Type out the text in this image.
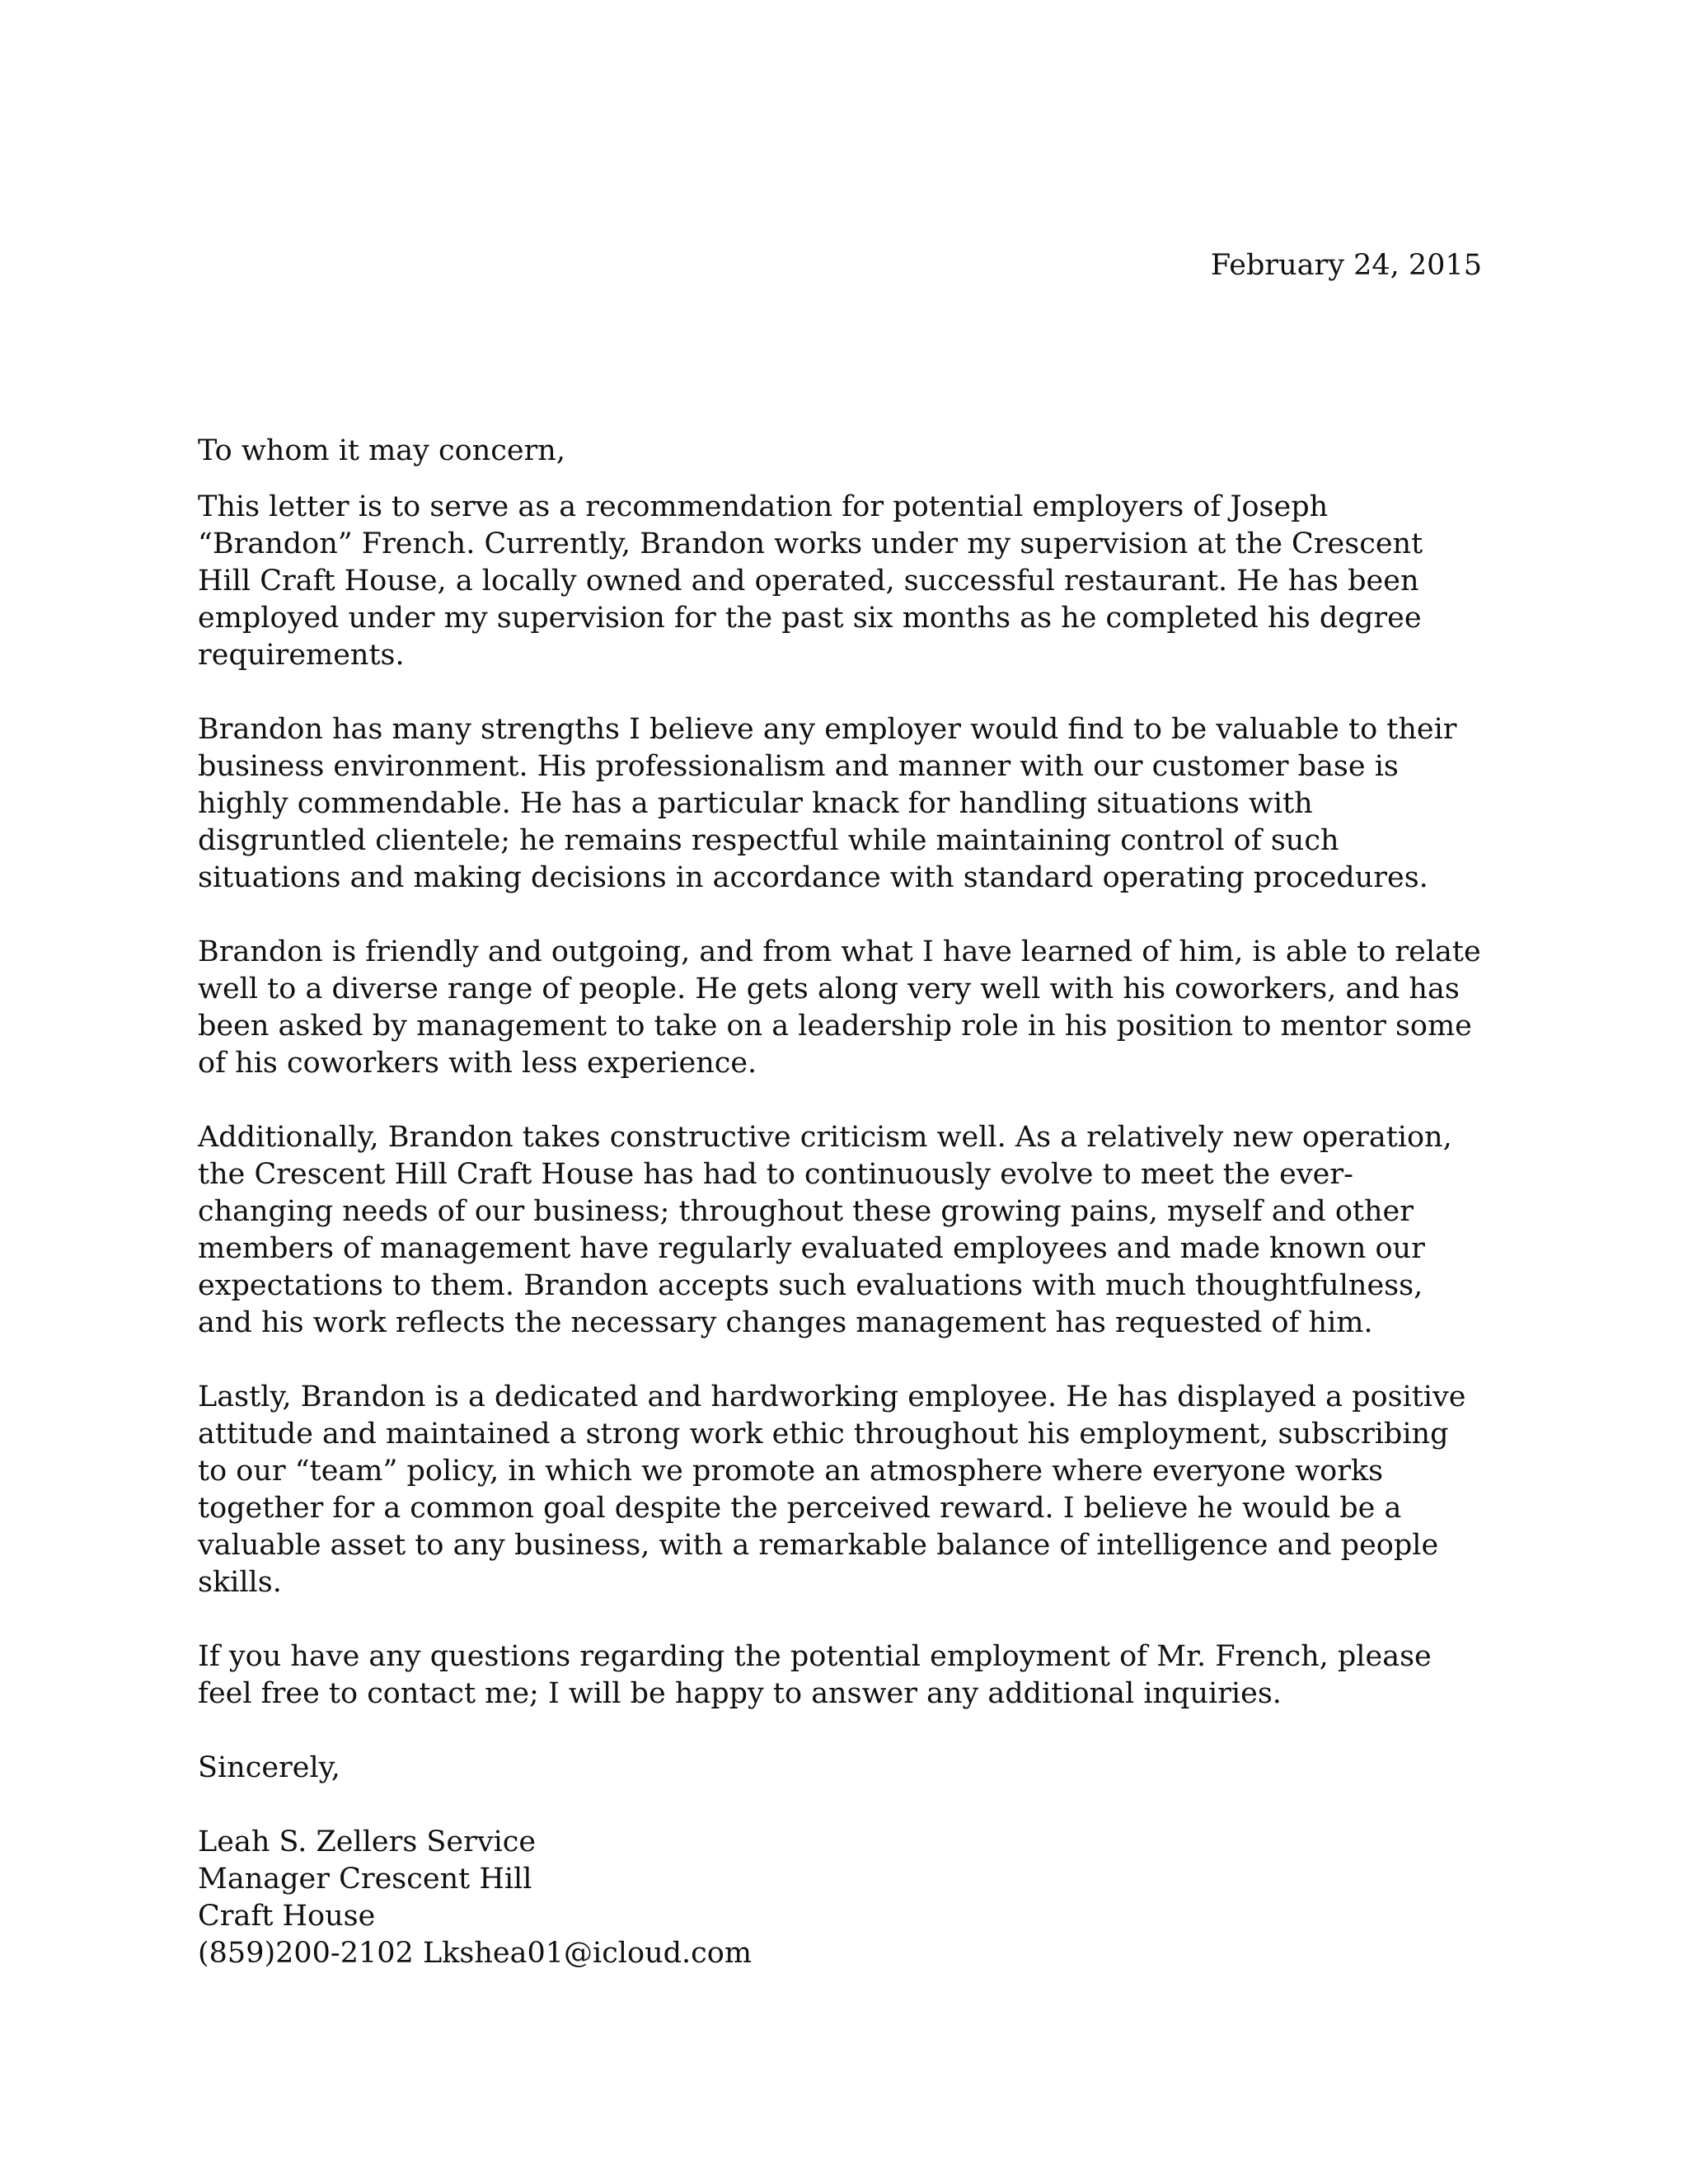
February 24, 2015

To whom it may concern,

This letter is to serve as a recommendation for potential employers of Joseph “Brandon” French. Currently, Brandon works under my supervision at the Crescent Hill Craft House, a locally owned and operated, successful restaurant. He has been employed under my supervision for the past six months as he completed his degree requirements.

Brandon has many strengths I believe any employer would find to be valuable to their business environment. His professionalism and manner with our customer base is highly commendable. He has a particular knack for handling situations with disgruntled clientele; he remains respectful while maintaining control of such situations and making decisions in accordance with standard operating procedures.

Brandon is friendly and outgoing, and from what I have learned of him, is able to relate well to a diverse range of people. He gets along very well with his coworkers, and has been asked by management to take on a leadership role in his position to mentor some of his coworkers with less experience.

Additionally, Brandon takes constructive criticism well. As a relatively new operation, the Crescent Hill Craft House has had to continuously evolve to meet the ever-changing needs of our business; throughout these growing pains, myself and other members of management have regularly evaluated employees and made known our expectations to them. Brandon accepts such evaluations with much thoughtfulness, and his work reflects the necessary changes management has requested of him.

Lastly, Brandon is a dedicated and hardworking employee. He has displayed a positive attitude and maintained a strong work ethic throughout his employment, subscribing to our “team” policy, in which we promote an atmosphere where everyone works together for a common goal despite the perceived reward. I believe he would be a valuable asset to any business, with a remarkable balance of intelligence and people skills.

If you have any questions regarding the potential employment of Mr. French, please feel free to contact me; I will be happy to answer any additional inquiries.

Sincerely,

Leah S. Zellers Service

Manager Crescent Hill

Craft House

(859)200-2102 Lkshea01@icloud.com
